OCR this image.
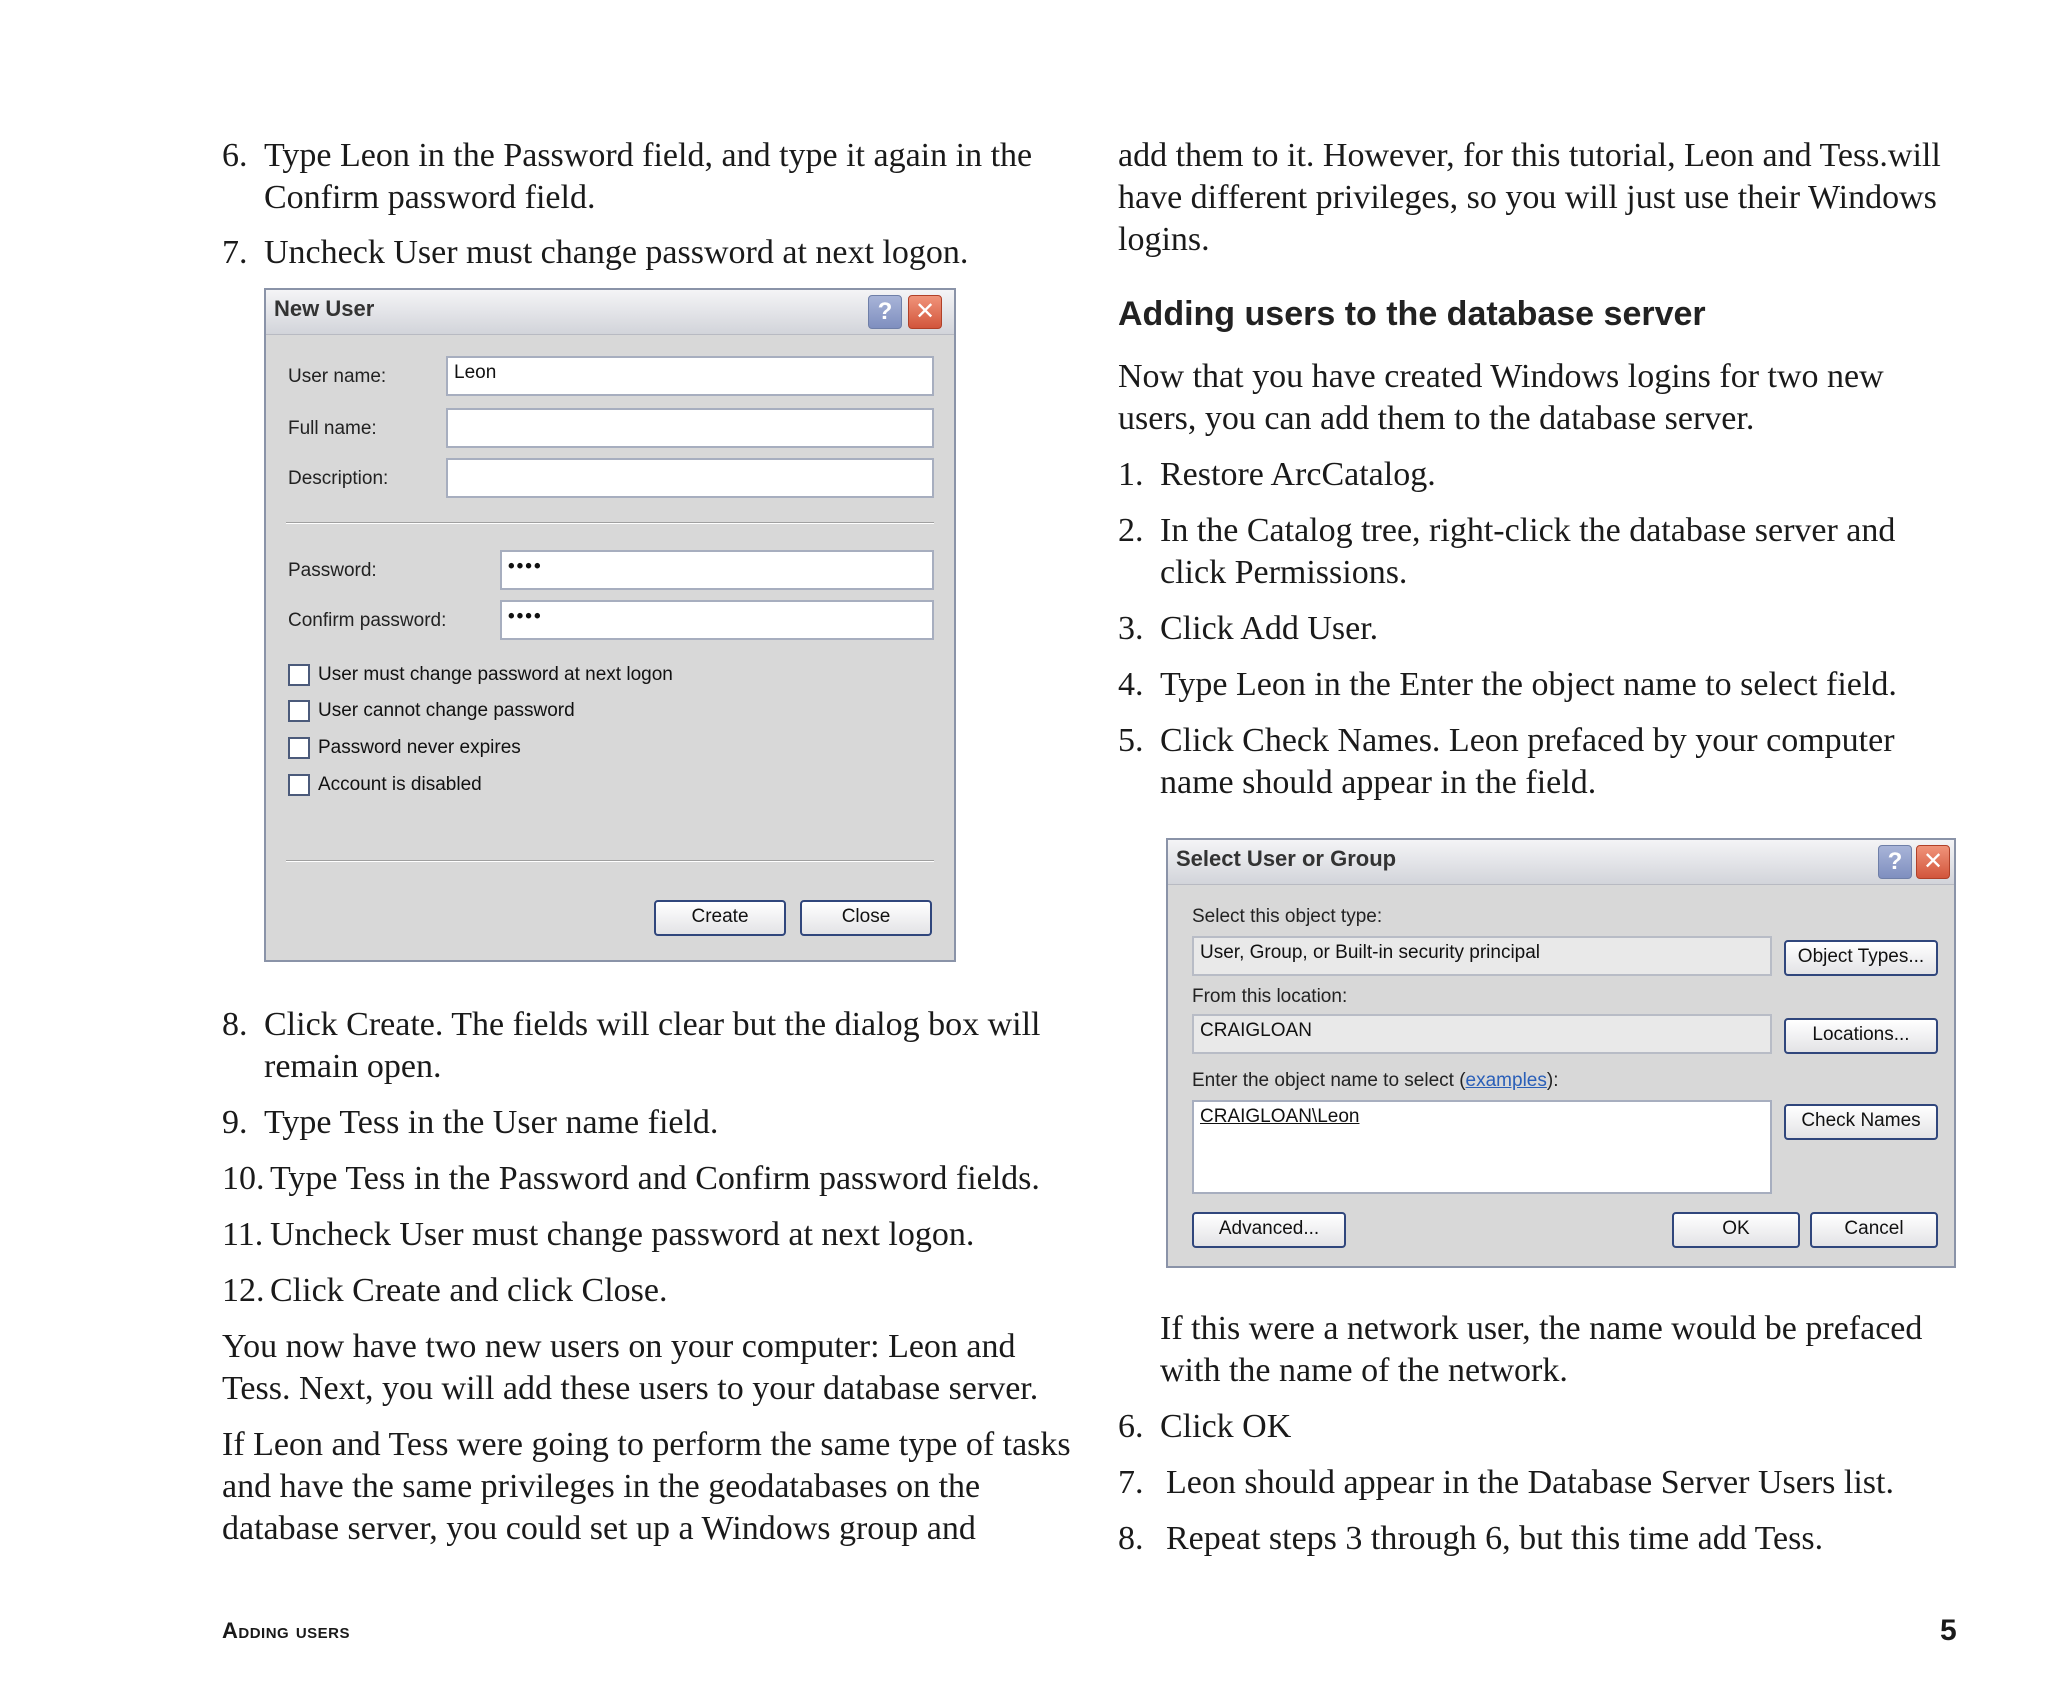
6. Type Leon in the Password field, and type it again in the Confirm password field.
7. Uncheck User must change password at next logon.
New User	? ✕
User name:	Leon
Full name:
Description:
Password:	••••
Confirm password:	••••
User must change password at next logon
User cannot change password
Password never expires
Account is disabled
Create	Close
8. Click Create. The fields will clear but the dialog box will remain open.
9. Type Tess in the User name field.
10. Type Tess in the Password and Confirm password fields.
11. Uncheck User must change password at next logon.
12. Click Create and click Close.

You now have two new users on your computer: Leon and Tess. Next, you will add these users to your database server.

If Leon and Tess were going to perform the same type of tasks and have the same privileges in the geodatabases on the database server, you could set up a Windows group and

add them to it. However, for this tutorial, Leon and Tess.will have different privileges, so you will just use their Windows logins.

Adding users to the database server

Now that you have created Windows logins for two new users, you can add them to the database server.

1. Restore ArcCatalog.
2. In the Catalog tree, right-click the database server and click Permissions.
3. Click Add User.
4. Type Leon in the Enter the object name to select field.
5. Click Check Names. Leon prefaced by your computer name should appear in the field.
Select User or Group	? ✕
Select this object type:
User, Group, or Built-in security principal	Object Types...
From this location:
CRAIGLOAN	Locations...
Enter the object name to select (examples):
CRAIGLOAN\Leon	Check Names
Advanced...	OK	Cancel

If this were a network user, the name would be prefaced with the name of the network.

6. Click OK
7. Leon should appear in the Database Server Users list.
8. Repeat steps 3 through 6, but this time add Tess.
Adding users	5
